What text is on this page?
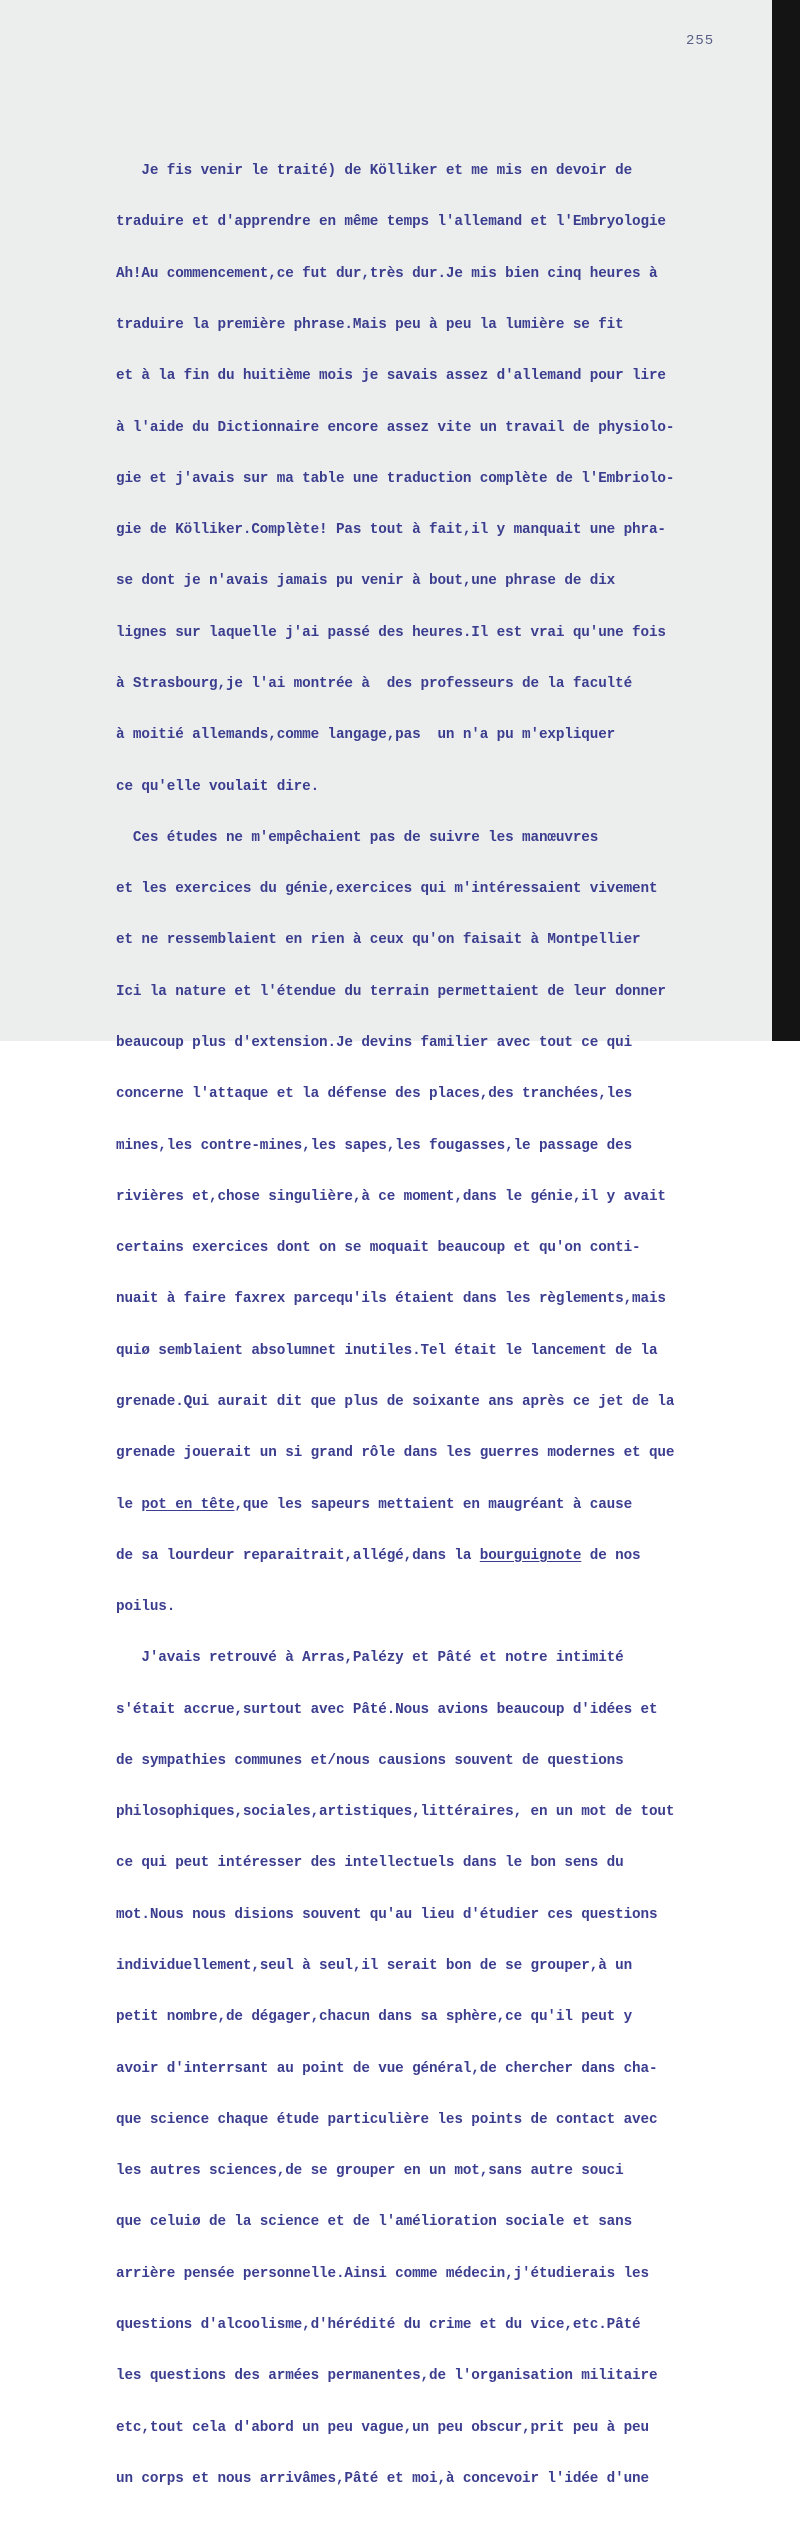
255

Je fis venir le traité) de Kölliker et me mis en devoir de

traduire et d'apprendre en même temps l'allemand et l'Embryologie

Ah!Au commencement,ce fut dur,très dur.Je mis bien cinq heures à

traduire la première phrase.Mais peu à peu la lumière se fit

et à la fin du huitième mois je savais assez d'allemand pour lire

à l'aide du Dictionnaire encore assez vite un travail de physiolo-

gie et j'avais sur ma table une traduction complète de l'Embriolo-

gie de Kölliker.Complète! Pas tout à fait,il y manquait une phra-

se dont je n'avais jamais pu venir à bout,une phrase de dix

lignes sur laquelle j'ai passé des heures.Il est vrai qu'une fois

à Strasbourg,je l'ai montrée à  des professeurs de la faculté

à moitié allemands,comme langage,pas  un n'a pu m'expliquer

ce qu'elle voulait dire.

Ces études ne m'empêchaient pas de suivre les manœuvres

et les exercices du génie,exercices qui m'intéressaient vivement

et ne ressemblaient en rien à ceux qu'on faisait à Montpellier

Ici la nature et l'étendue du terrain permettaient de leur donner

beaucoup plus d'extension.Je devins familier avec tout ce qui

concerne l'attaque et la défense des places,des tranchées,les

mines,les contre-mines,les sapes,les fougasses,le passage des

rivières et,chose singulière,à ce moment,dans le génie,il y avait

certains exercices dont on se moquait beaucoup et qu'on conti-

nuait à faire faxrex parcequ'ils étaient dans les règlements,mais

quiø semblaient absolumnet inutiles.Tel était le lancement de la

grenade.Qui aurait dit que plus de soixante ans après ce jet de la

grenade jouerait un si grand rôle dans les guerres modernes et que

le pot en tête,que les sapeurs mettaient en maugréant à cause

de sa lourdeur reparaitrait,allégé,dans la bourguignote de nos

poilus.

J'avais retrouvé à Arras,Palézy et Pâté et notre intimité

s'était accrue,surtout avec Pâté.Nous avions beaucoup d'idées et

de sympathies communes et/nous causions souvent de questions

philosophiques,sociales,artistiques,littéraires, en un mot de tout

ce qui peut intéresser des intellectuels dans le bon sens du

mot.Nous nous disions souvent qu'au lieu d'étudier ces questions

individuellement,seul à seul,il serait bon de se grouper,à un

petit nombre,de dégager,chacun dans sa sphère,ce qu'il peut y

avoir d'interrsant au point de vue général,de chercher dans cha-

que science chaque étude particulière les points de contact avec

les autres sciences,de se grouper en un mot,sans autre souci

que celuiø de la science et de l'amélioration sociale et sans

arrière pensée personnelle.Ainsi comme médecin,j'étudierais les

questions d'alcoolisme,d'hérédité du crime et du vice,etc.Pâté

les questions des armées permanentes,de l'organisation militaire

etc,tout cela d'abord un peu vague,un peu obscur,prit peu à peu

un corps et nous arrivâmes,Pâté et moi,à concevoir l'idée d'une
